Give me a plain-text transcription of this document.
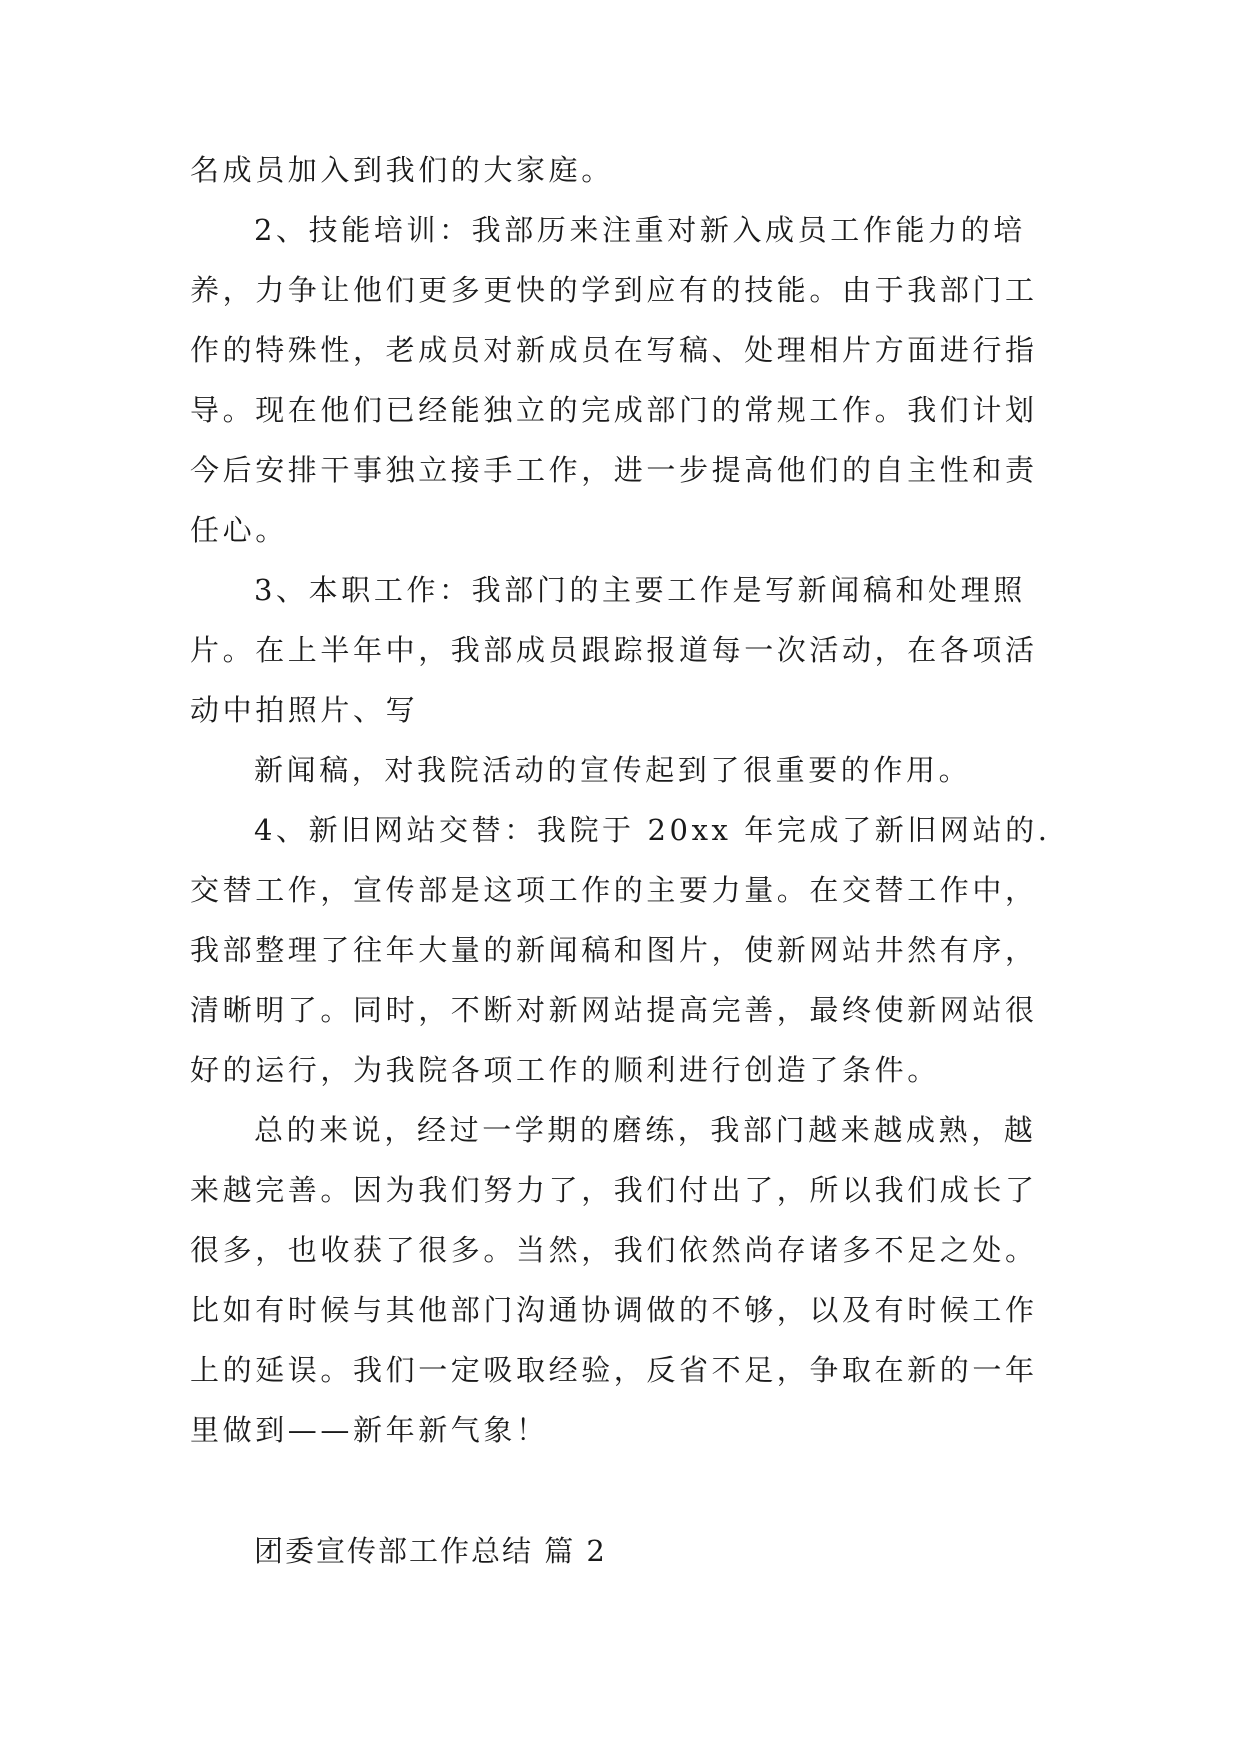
名成员加入到我们的大家庭。
2、技能培训：我部历来注重对新入成员工作能力的培
养，力争让他们更多更快的学到应有的技能。由于我部门工
作的特殊性，老成员对新成员在写稿、处理相片方面进行指
导。现在他们已经能独立的完成部门的常规工作。我们计划
今后安排干事独立接手工作，进一步提高他们的自主性和责
任心。
3、本职工作：我部门的主要工作是写新闻稿和处理照
片。在上半年中，我部成员跟踪报道每一次活动，在各项活
动中拍照片、写
新闻稿，对我院活动的宣传起到了很重要的作用。
4、新旧网站交替：我院于 20xx 年完成了新旧网站的.
交替工作，宣传部是这项工作的主要力量。在交替工作中，
我部整理了往年大量的新闻稿和图片，使新网站井然有序，
清晰明了。同时，不断对新网站提高完善，最终使新网站很
好的运行，为我院各项工作的顺利进行创造了条件。
总的来说，经过一学期的磨练，我部门越来越成熟，越
来越完善。因为我们努力了，我们付出了，所以我们成长了
很多，也收获了很多。当然，我们依然尚存诸多不足之处。
比如有时候与其他部门沟通协调做的不够，以及有时候工作
上的延误。我们一定吸取经验，反省不足，争取在新的一年
里做到——新年新气象！
团委宣传部工作总结 篇 2
